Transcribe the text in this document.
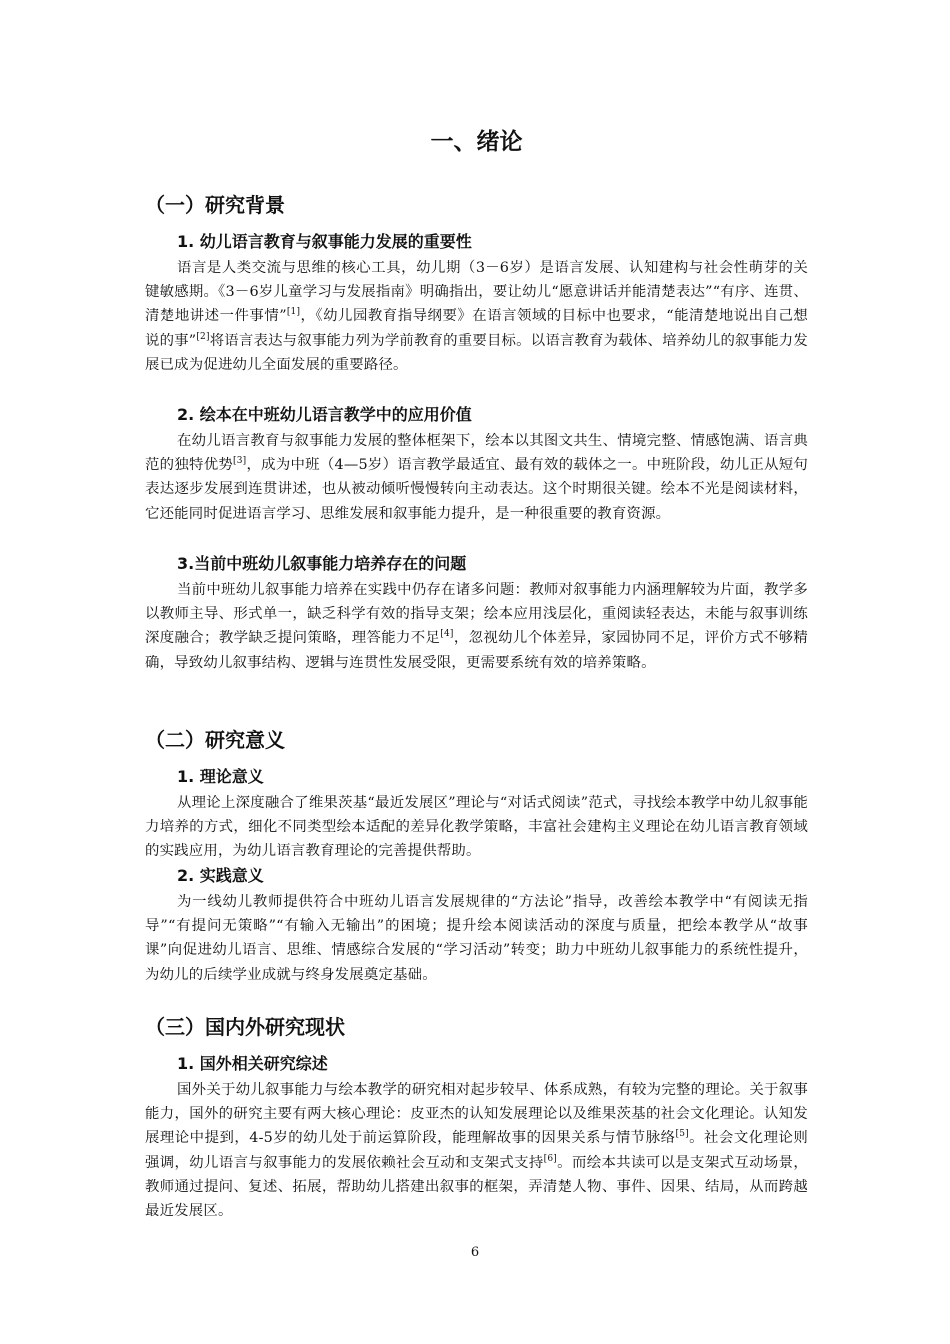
一、绪论
（一）研究背景
1. 幼儿语言教育与叙事能力发展的重要性

语言是人类交流与思维的核心工具，幼儿期（3－6岁）是语言发展、认知建构与社会性萌芽的关键敏感期。《3－6岁儿童学习与发展指南》明确指出，要让幼儿“愿意讲话并能清楚表达”“有序、连贯、清楚地讲述一件事情”[1]，《幼儿园教育指导纲要》在语言领域的目标中也要求，“能清楚地说出自己想说的事”[2]将语言表达与叙事能力列为学前教育的重要目标。以语言教育为载体、培养幼儿的叙事能力发展已成为促进幼儿全面发展的重要路径。

2. 绘本在中班幼儿语言教学中的应用价值

在幼儿语言教育与叙事能力发展的整体框架下，绘本以其图文共生、情境完整、情感饱满、语言典范的独特优势[3]，成为中班（4—5岁）语言教学最适宜、最有效的载体之一。中班阶段，幼儿正从短句表达逐步发展到连贯讲述，也从被动倾听慢慢转向主动表达。这个时期很关键。绘本不光是阅读材料，它还能同时促进语言学习、思维发展和叙事能力提升，是一种很重要的教育资源。

3.当前中班幼儿叙事能力培养存在的问题

当前中班幼儿叙事能力培养在实践中仍存在诸多问题：教师对叙事能力内涵理解较为片面，教学多以教师主导、形式单一，缺乏科学有效的指导支架；绘本应用浅层化，重阅读轻表达，未能与叙事训练深度融合；教学缺乏提问策略，理答能力不足[4]，忽视幼儿个体差异，家园协同不足，评价方式不够精确，导致幼儿叙事结构、逻辑与连贯性发展受限，更需要系统有效的培养策略。

（二）研究意义
1. 理论意义

从理论上深度融合了维果茨基“最近发展区”理论与“对话式阅读”范式，寻找绘本教学中幼儿叙事能力培养的方式，细化不同类型绘本适配的差异化教学策略，丰富社会建构主义理论在幼儿语言教育领域的实践应用，为幼儿语言教育理论的完善提供帮助。

2. 实践意义

为一线幼儿教师提供符合中班幼儿语言发展规律的“方法论”指导，改善绘本教学中“有阅读无指导”“有提问无策略”“有输入无输出”的困境；提升绘本阅读活动的深度与质量，把绘本教学从“故事课”向促进幼儿语言、思维、情感综合发展的“学习活动”转变；助力中班幼儿叙事能力的系统性提升，为幼儿的后续学业成就与终身发展奠定基础。

（三）国内外研究现状
1. 国外相关研究综述

国外关于幼儿叙事能力与绘本教学的研究相对起步较早、体系成熟，有较为完整的理论。关于叙事能力，国外的研究主要有两大核心理论：皮亚杰的认知发展理论以及维果茨基的社会文化理论。认知发展理论中提到，4-5岁的幼儿处于前运算阶段，能理解故事的因果关系与情节脉络[5]。社会文化理论则强调，幼儿语言与叙事能力的发展依赖社会互动和支架式支持[6]。而绘本共读可以是支架式互动场景，教师通过提问、复述、拓展，帮助幼儿搭建出叙事的框架，弄清楚人物、事件、因果、结局，从而跨越最近发展区。

6
